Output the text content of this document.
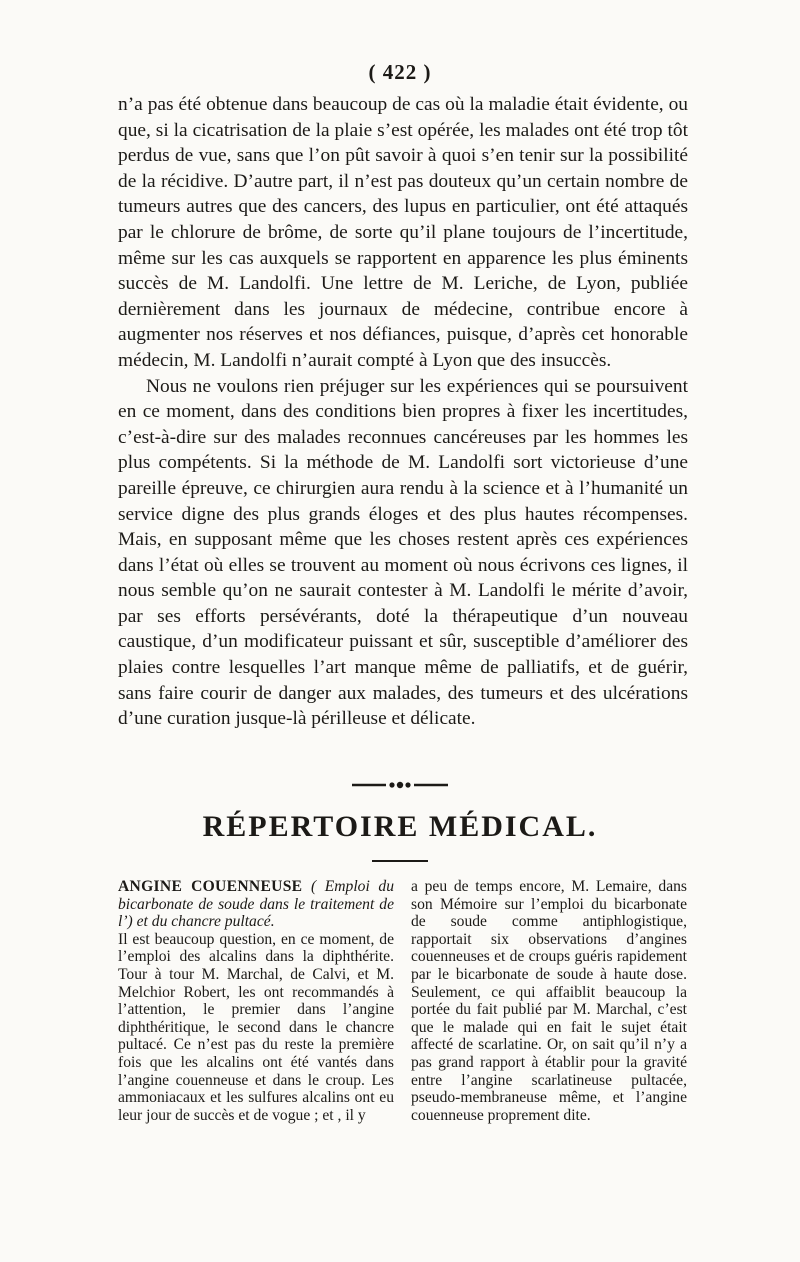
( 422 )

n’a pas été obtenue dans beaucoup de cas où la maladie était évidente, ou que, si la cicatrisation de la plaie s’est opérée, les malades ont été trop tôt perdus de vue, sans que l’on pût savoir à quoi s’en tenir sur la possibilité de la récidive. D’autre part, il n’est pas douteux qu’un certain nombre de tumeurs autres que des cancers, des lupus en particulier, ont été attaqués par le chlorure de brôme, de sorte qu’il plane toujours de l’incertitude, même sur les cas auxquels se rapportent en apparence les plus éminents succès de M. Landolfi. Une lettre de M. Leriche, de Lyon, publiée dernièrement dans les journaux de médecine, contribue encore à augmenter nos réserves et nos défiances, puisque, d’après cet honorable médecin, M. Landolfi n’aurait compté à Lyon que des insuccès.

Nous ne voulons rien préjuger sur les expériences qui se poursuivent en ce moment, dans des conditions bien propres à fixer les incertitudes, c’est-à-dire sur des malades reconnues cancéreuses par les hommes les plus compétents. Si la méthode de M. Landolfi sort victorieuse d’une pareille épreuve, ce chirurgien aura rendu à la science et à l’humanité un service digne des plus grands éloges et des plus hautes récompenses. Mais, en supposant même que les choses restent après ces expériences dans l’état où elles se trouvent au moment où nous écrivons ces lignes, il nous semble qu’on ne saurait contester à M. Landolfi le mérite d’avoir, par ses efforts persévérants, doté la thérapeutique d’un nouveau caustique, d’un modificateur puissant et sûr, susceptible d’améliorer des plaies contre lesquelles l’art manque même de palliatifs, et de guérir, sans faire courir de danger aux malades, des tumeurs et des ulcérations d’une curation jusque-là périlleuse et délicate.

RÉPERTOIRE MÉDICAL.

ANGINE COUENNEUSE ( Emploi du bicarbonate de soude dans le traitement de l’) et du chancre pultacé.

Il est beaucoup question, en ce moment, de l’emploi des alcalins dans la diphthérite. Tour à tour M. Marchal, de Calvi, et M. Melchior Robert, les ont recommandés à l’attention, le premier dans l’angine diphthéritique, le second dans le chancre pultacé. Ce n’est pas du reste la première fois que les alcalins ont été vantés dans l’angine couenneuse et dans le croup. Les ammoniacaux et les sulfures alcalins ont eu leur jour de succès et de vogue ; et , il y

a peu de temps encore, M. Lemaire, dans son Mémoire sur l’emploi du bicarbonate de soude comme antiphlogistique, rapportait six observations d’angines couenneuses et de croups guéris rapidement par le bicarbonate de soude à haute dose. Seulement, ce qui affaiblit beaucoup la portée du fait publié par M. Marchal, c’est que le malade qui en fait le sujet était affecté de scarlatine. Or, on sait qu’il n’y a pas grand rapport à établir pour la gravité entre l’angine scarlatineuse pultacée, pseudo-membraneuse même, et l’angine couenneuse proprement dite.
